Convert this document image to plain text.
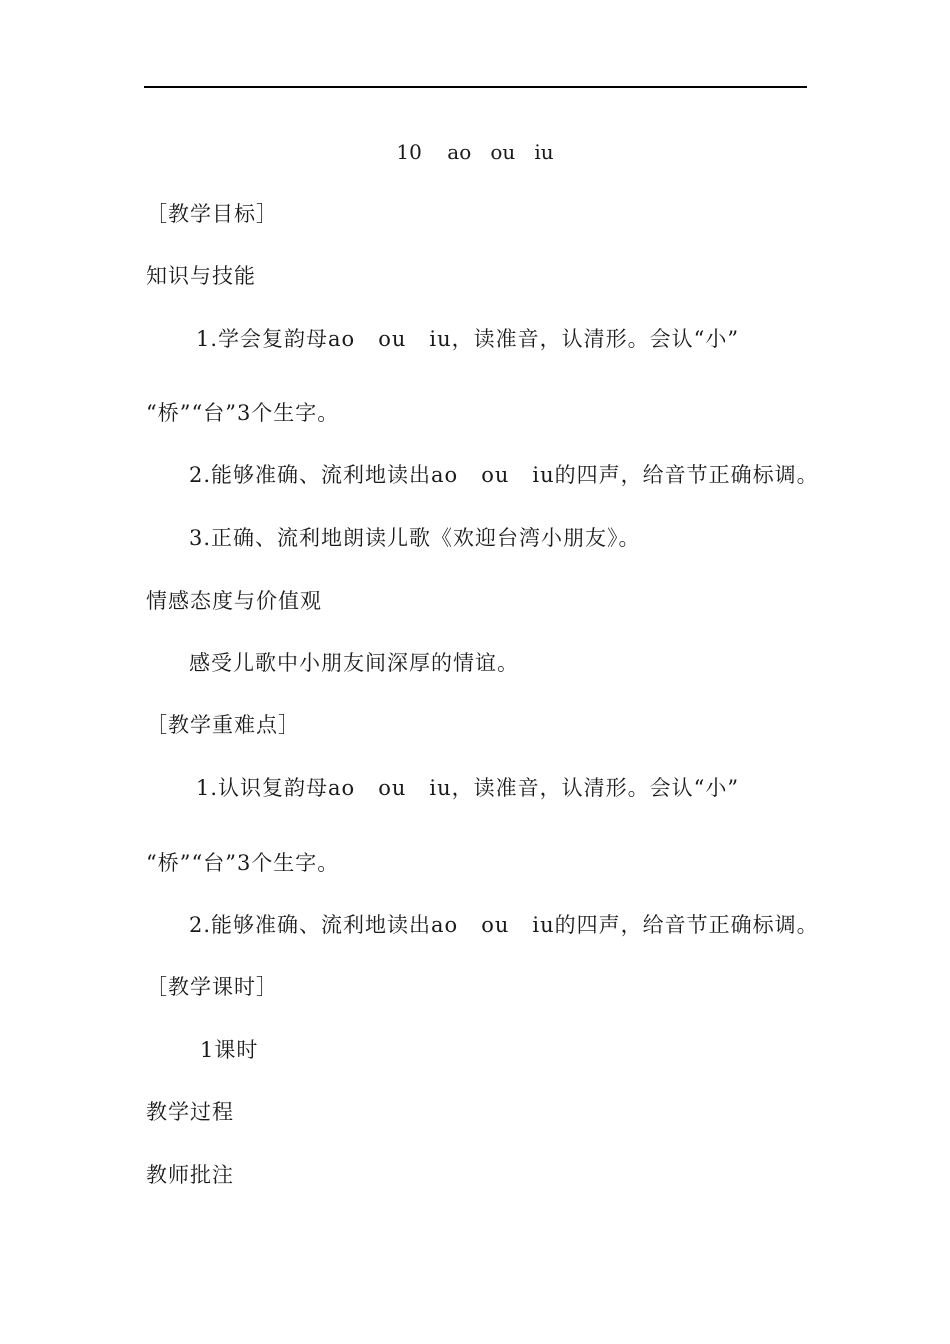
10    ao   ou   iu
［教学目标］
知识与技能
1.学会复韵母ao   ou   iu，读准音，认清形。会认“小”
“桥”“台”3个生字。
2.能够准确、流利地读出ao   ou   iu的四声，给音节正确标调。
3.正确、流利地朗读儿歌《欢迎台湾小朋友》。
情感态度与价值观
感受儿歌中小朋友间深厚的情谊。
［教学重难点］
1.认识复韵母ao   ou   iu，读准音，认清形。会认“小”
“桥”“台”3个生字。
2.能够准确、流利地读出ao   ou   iu的四声，给音节正确标调。
［教学课时］
1课时
教学过程
教师批注
